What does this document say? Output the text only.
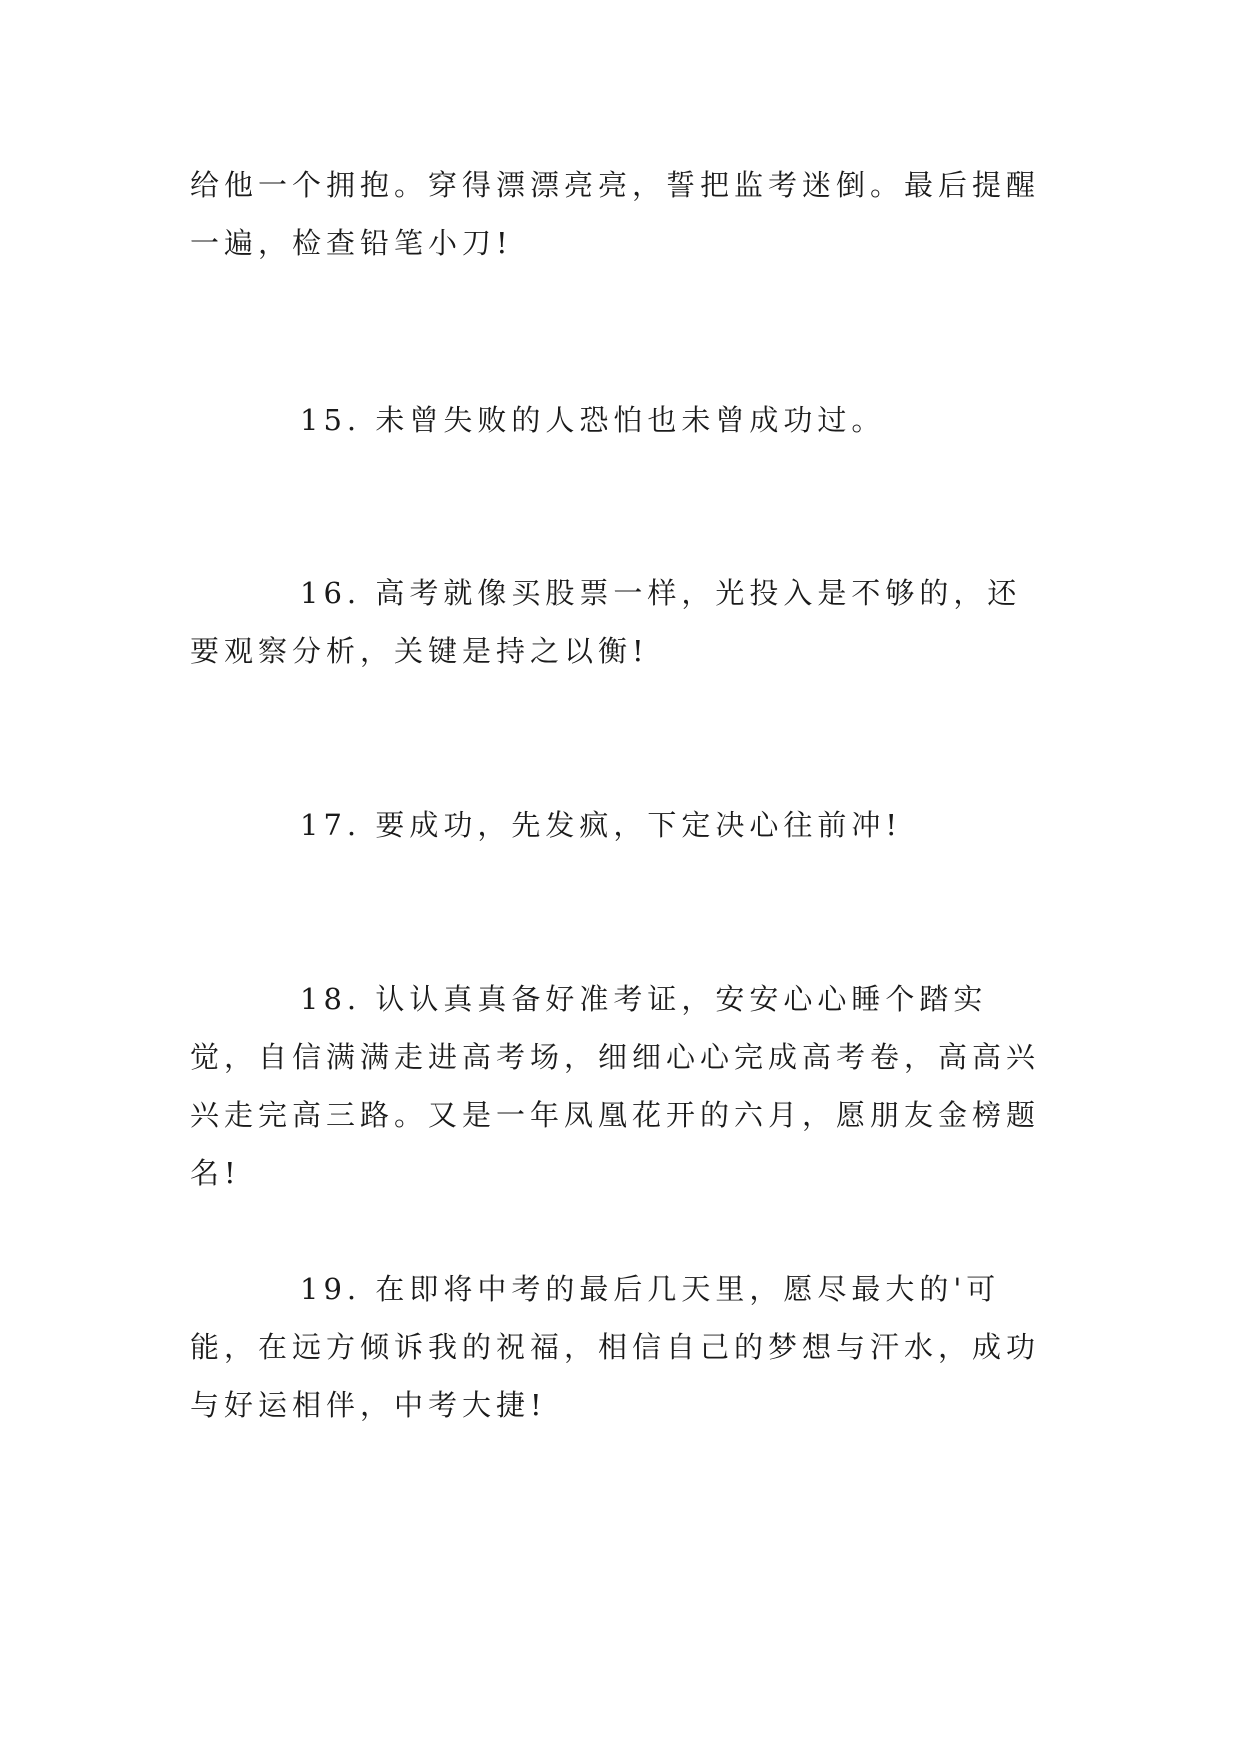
给他一个拥抱。穿得漂漂亮亮，誓把监考迷倒。最后提醒一遍，检查铅笔小刀!

15. 未曾失败的人恐怕也未曾成功过。

16. 高考就像买股票一样，光投入是不够的，还要观察分析，关键是持之以衡!

17. 要成功，先发疯，下定决心往前冲!

18. 认认真真备好准考证，安安心心睡个踏实觉，自信满满走进高考场，细细心心完成高考卷，高高兴兴走完高三路。又是一年凤凰花开的六月，愿朋友金榜题名!

19. 在即将中考的最后几天里，愿尽最大的'可能，在远方倾诉我的祝福，相信自己的梦想与汗水，成功与好运相伴，中考大捷!
